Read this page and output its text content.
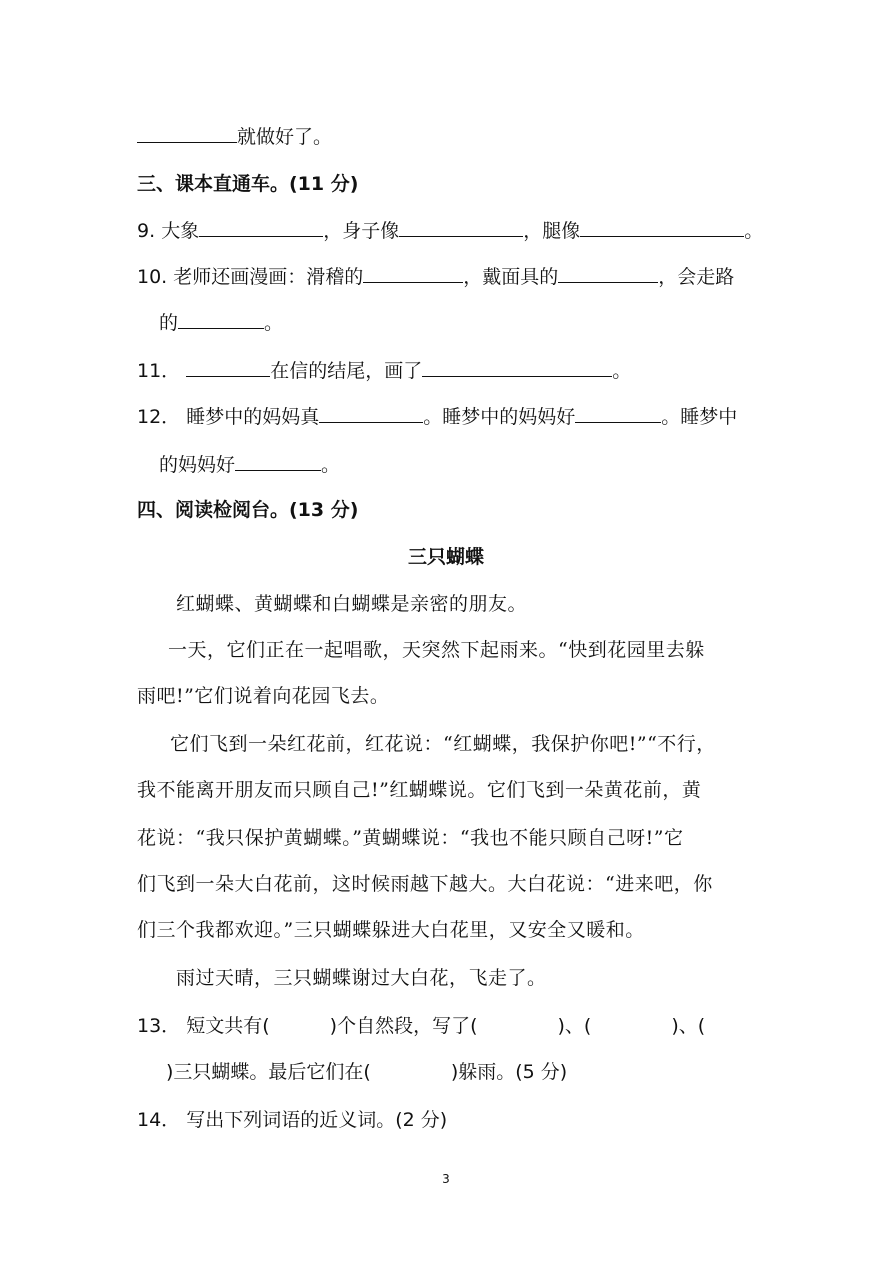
就做好了。
三、课本直通车。(11 分)
9. 大象	，身子像	，腿像	。
10. 老师还画漫画：滑稽的	，戴面具的	，会走路
的	。
11．	在信的结尾，画了	。
12． 睡梦中的妈妈真	。睡梦中的妈妈好	。睡梦中
的妈妈好	。
四、阅读检阅台。(13 分)
三只蝴蝶
红蝴蝶、黄蝴蝶和白蝴蝶是亲密的朋友。
一天，它们正在一起唱歌，天突然下起雨来。“快到花园里去躲
雨吧!”它们说着向花园飞去。
它们飞到一朵红花前，红花说：“红蝴蝶，我保护你吧!”“不行，
我不能离开朋友而只顾自己!”红蝴蝶说。它们飞到一朵黄花前，黄
花说：“我只保护黄蝴蝶。”黄蝴蝶说：“我也不能只顾自己呀!”它
们飞到一朵大白花前，这时候雨越下越大。大白花说：“进来吧，你
们三个我都欢迎。”三只蝴蝶躲进大白花里，又安全又暖和。
雨过天晴，三只蝴蝶谢过大白花，飞走了。
13． 短文共有(	)个自然段，写了(	)、(	)、(
)三只蝴蝶。最后它们在(	)躲雨。(5 分)
14． 写出下列词语的近义词。(2 分)
3
